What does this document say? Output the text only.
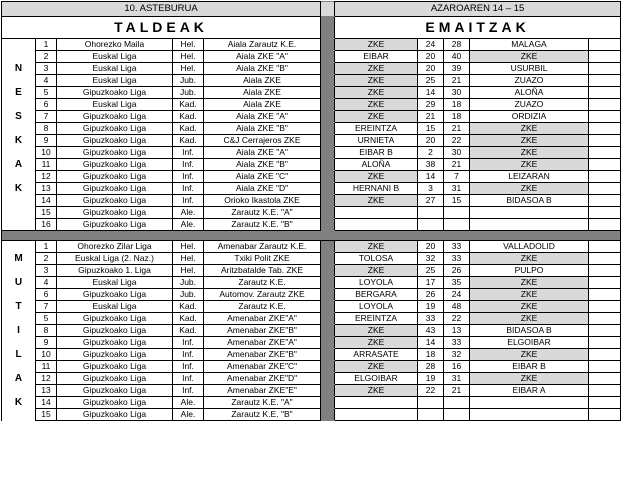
10. ASTEBURUA						AZAROAREN 14 – 15				
TALDEAK						EMAITZAK				
	1	Ohorezko Maila	Hel.	Aiala Zarautz K.E.		ZKE	24	28	MALAGA	
	2	Euskal Liga	Hel.	Aiala ZKE "A"		EIBAR	20	40	ZKE	
N	3	Euskal Liga	Hel.	Aiala ZKE "B"		ZKE	20	39	USURBIL	
	4	Euskal Liga	Jub.	Aiala ZKE		ZKE	25	21	ZUAZO	
E	5	Gipuzkoako Liga	Jub.	Aiala ZKE		ZKE	14	30	ALOÑA	
	6	Euskal Liga	Kad.	Aiala ZKE		ZKE	29	18	ZUAZO	
S	7	Gipuzkoako Liga	Kad.	Aiala ZKE "A"		ZKE	21	18	ORDIZIA	
	8	Gipuzkoako Liga	Kad.	Aiala ZKE "B"		EREINTZA	15	21	ZKE	
K	9	Gipuzkoako Liga	Kad.	C&J Cerrajeros ZKE		URNIETA	20	22	ZKE	
	10	Gipuzkoako Liga	Inf.	Aiala ZKE "A"		EIBAR B	2	30	ZKE	
A	11	Gipuzkoako Liga	Inf.	Aiala ZKE "B"		ALOÑA	38	21	ZKE	
	12	Gipuzkoako Liga	Inf.	Aiala ZKE "C"		ZKE	14	7	LEIZARAN	
K	13	Gipuzkoako Liga	Inf.	Aiala ZKE "D"		HERNANI B	3	31	ZKE	
	14	Gipuzkoako Liga	Inf.	Orioko Ikastola ZKE		ZKE	27	15	BIDASOA B	
	15	Gipuzkoako Liga	Ale.	Zarautz K.E. "A"						
	16	Gipuzkoako Liga	Ale.	Zarautz K.E. "B"						

	1	Ohorezko Zilar Liga	Hel.	Amenabar Zarautz K.E.		ZKE	20	33	VALLADOLID	
M	2	Euskal Liga (2. Naz.)	Hel.	Txiki Polit ZKE		TOLOSA	32	33	ZKE	
	3	Gipuzkoako 1. Liga	Hel.	Aritzbatalde Tab. ZKE		ZKE	25	26	PULPO	
U	4	Euskal Liga	Jub.	Zarautz K.E.		LOYOLA	17	35	ZKE	
	6	Gipuzkoako Liga	Jub.	Automov. Zarautz ZKE		BERGARA	26	24	ZKE	
T	7	Euskal Liga	Kad.	Zarautz K.E.		LOYOLA	19	48	ZKE	
	5	Gipuzkoako Liga	Kad.	Amenabar ZKE"A"		EREINTZA	33	22	ZKE	
I	8	Gipuzkoako Liga	Kad.	Amenabar ZKE"B"		ZKE	43	13	BIDASOA B	
	9	Gipuzkoako Liga	Inf.	Amenabar ZKE"A"		ZKE	14	33	ELGOIBAR	
L	10	Gipuzkoako Liga	Inf.	Amenabar ZKE"B"		ARRASATE	18	32	ZKE	
	11	Gipuzkoako Liga	Inf.	Amenabar ZKE"C"		ZKE	28	16	EIBAR B	
A	12	Gipuzkoako Liga	Inf.	Amenabar ZKE"D"		ELGOIBAR	19	31	ZKE	
	13	Gipuzkoako Liga	Inf.	Amenabar ZKE"E"		ZKE	22	21	EIBAR A	
K	14	Gipuzkoako Liga	Ale.	Zarautz K.E. "A"						
	15	Gipuzkoako Liga	Ale.	Zarautz K.E. "B"						
